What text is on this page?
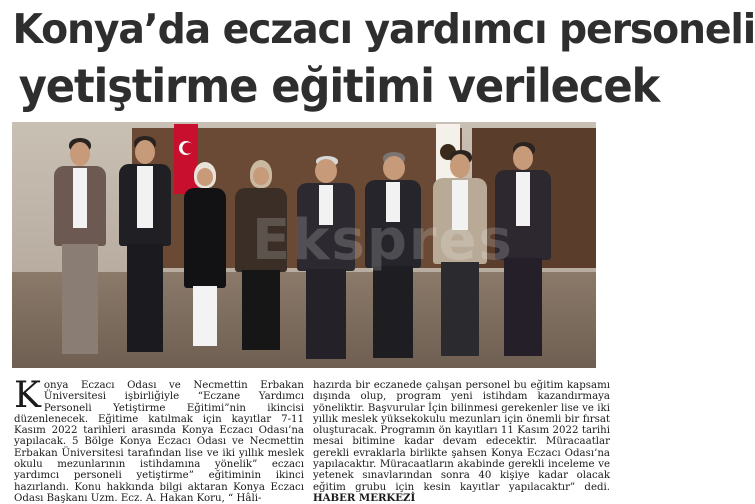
Konya’da eczacı yardımcı personeli
yetiştirme eğitimi verilecek
Ekspres

Konya Eczacı Odası ve Necmettin Erbakan Üniversitesi işbirliğiyle “Eczane Yardımcı Personeli Yetiştirme Eğitimi”nin ikincisi düzenlenecek. Eğitime katılmak için kayıtlar 7-11 Kasım 2022 tarihleri arasında Konya Eczacı Odası’na yapılacak. 5 Bölge Konya Eczacı Odası ve Necmettin Erbakan Üniversitesi tarafından lise ve iki yıllık meslek okulu mezunlarının istihdamına yönelik” eczacı yardımcı personeli yetiştirme” eğitiminin ikinci hazırlandı. Konu hakkında bilgi aktaran Konya Eczacı Odası Başkanı Uzm. Ecz. A. Hakan Koru, “ Hâli-

hazırda bir eczanede çalışan personel bu eğitim kapsamı dışında olup, program yeni istihdam kazandırmaya yöneliktir. Başvurular İçin bilinmesi gerekenler lise ve iki yıllık meslek yüksekokulu mezunları için önemli bir fırsat oluşturacak. Programın ön kayıtları 11 Kasım 2022 tarihi mesai bitimine kadar devam edecektir. Müracaatlar gerekli evraklarla birlikte şahsen Konya Eczacı Odası’na yapılacaktır. Müracaatların akabinde gerekli inceleme ve yetenek sınavlarından sonra 40 kişiye kadar olacak eğitim grubu için kesin kayıtlar yapılacaktır” dedi. HABER MERKEZİ
